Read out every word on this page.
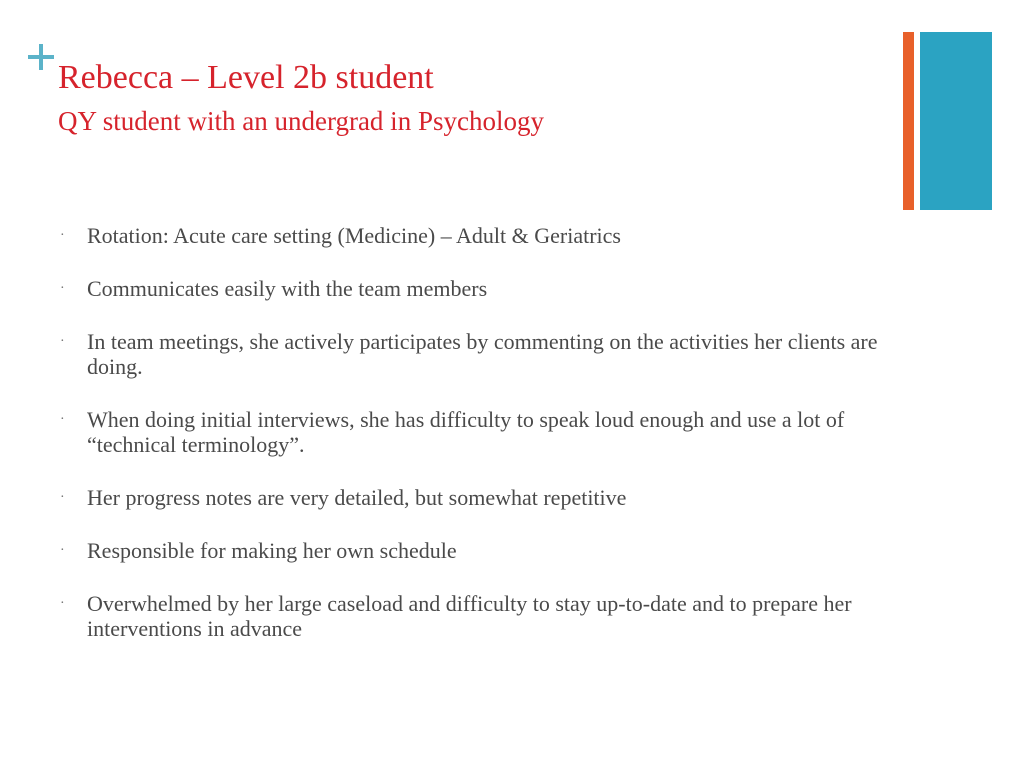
Rebecca – Level 2b student
QY student with an undergrad in Psychology
· Rotation: Acute care setting (Medicine) – Adult & Geriatrics
· Communicates easily with the team members
· In team meetings, she actively participates by commenting on the activities her clients are doing.
· When doing initial interviews, she has difficulty to speak loud enough and use a lot of “technical terminology”.
· Her progress notes are very detailed, but somewhat repetitive
· Responsible for making her own schedule
· Overwhelmed by her large caseload and difficulty to stay up-to-date and to prepare her interventions in advance
